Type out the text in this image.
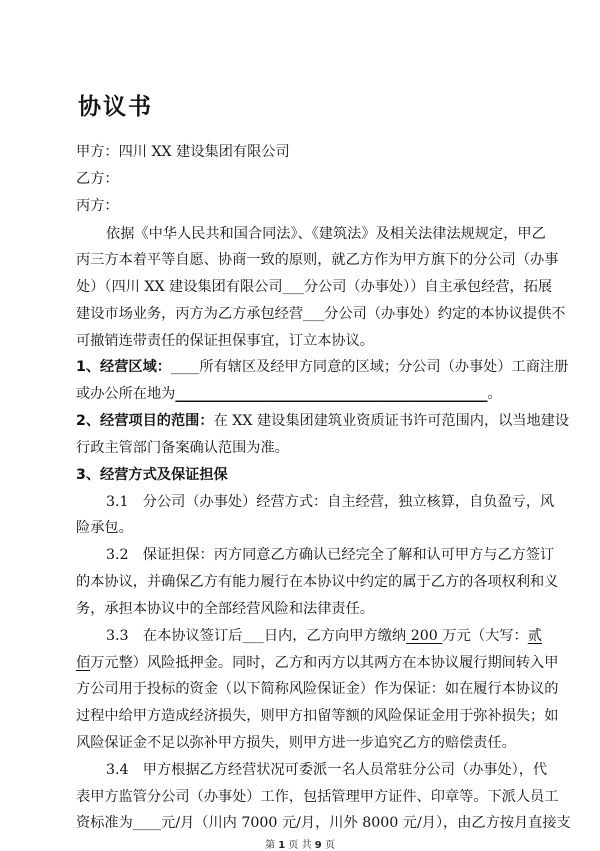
协议书
甲方：四川 XX 建设集团有限公司
乙方：
丙方：
依据《中华人民共和国合同法》、《建筑法》及相关法律法规规定，甲乙
丙三方本着平等自愿、协商一致的原则，就乙方作为甲方旗下的分公司（办事
处）（四川 XX 建设集团有限公司___分公司（办事处））自主承包经营，拓展
建设市场业务，丙方为乙方承包经营___分公司（办事处）约定的本协议提供不
可撤销连带责任的保证担保事宜，订立本协议。
1、经营区域：____所有辖区及经甲方同意的区域；分公司（办事处）工商注册
或办公所在地为____________________________________________。
2、经营项目的范围：在 XX 建设集团建筑业资质证书许可范围内，以当地建设
行政主管部门备案确认范围为准。
3、经营方式及保证担保
3.1　分公司（办事处）经营方式：自主经营，独立核算，自负盈亏，风
险承包。
3.2　保证担保：丙方同意乙方确认已经完全了解和认可甲方与乙方签订
的本协议，并确保乙方有能力履行在本协议中约定的属于乙方的各项权利和义
务，承担本协议中的全部经营风险和法律责任。
3.3　在本协议签订后___日内，乙方向甲方缴纳 200 万元（大写：贰
佰万元整）风险抵押金。同时，乙方和丙方以其两方在本协议履行期间转入甲
方公司用于投标的资金（以下简称风险保证金）作为保证：如在履行本协议的
过程中给甲方造成经济损失，则甲方扣留等额的风险保证金用于弥补损失；如
风险保证金不足以弥补甲方损失，则甲方进一步追究乙方的赔偿责任。
3.4　甲方根据乙方经营状况可委派一名人员常驻分公司（办事处），代
表甲方监管分公司（办事处）工作，包括管理甲方证件、印章等。下派人员工
资标准为____元/月（川内 7000 元/月，川外 8000 元/月），由乙方按月直接支
第 1 页 共 9 页
